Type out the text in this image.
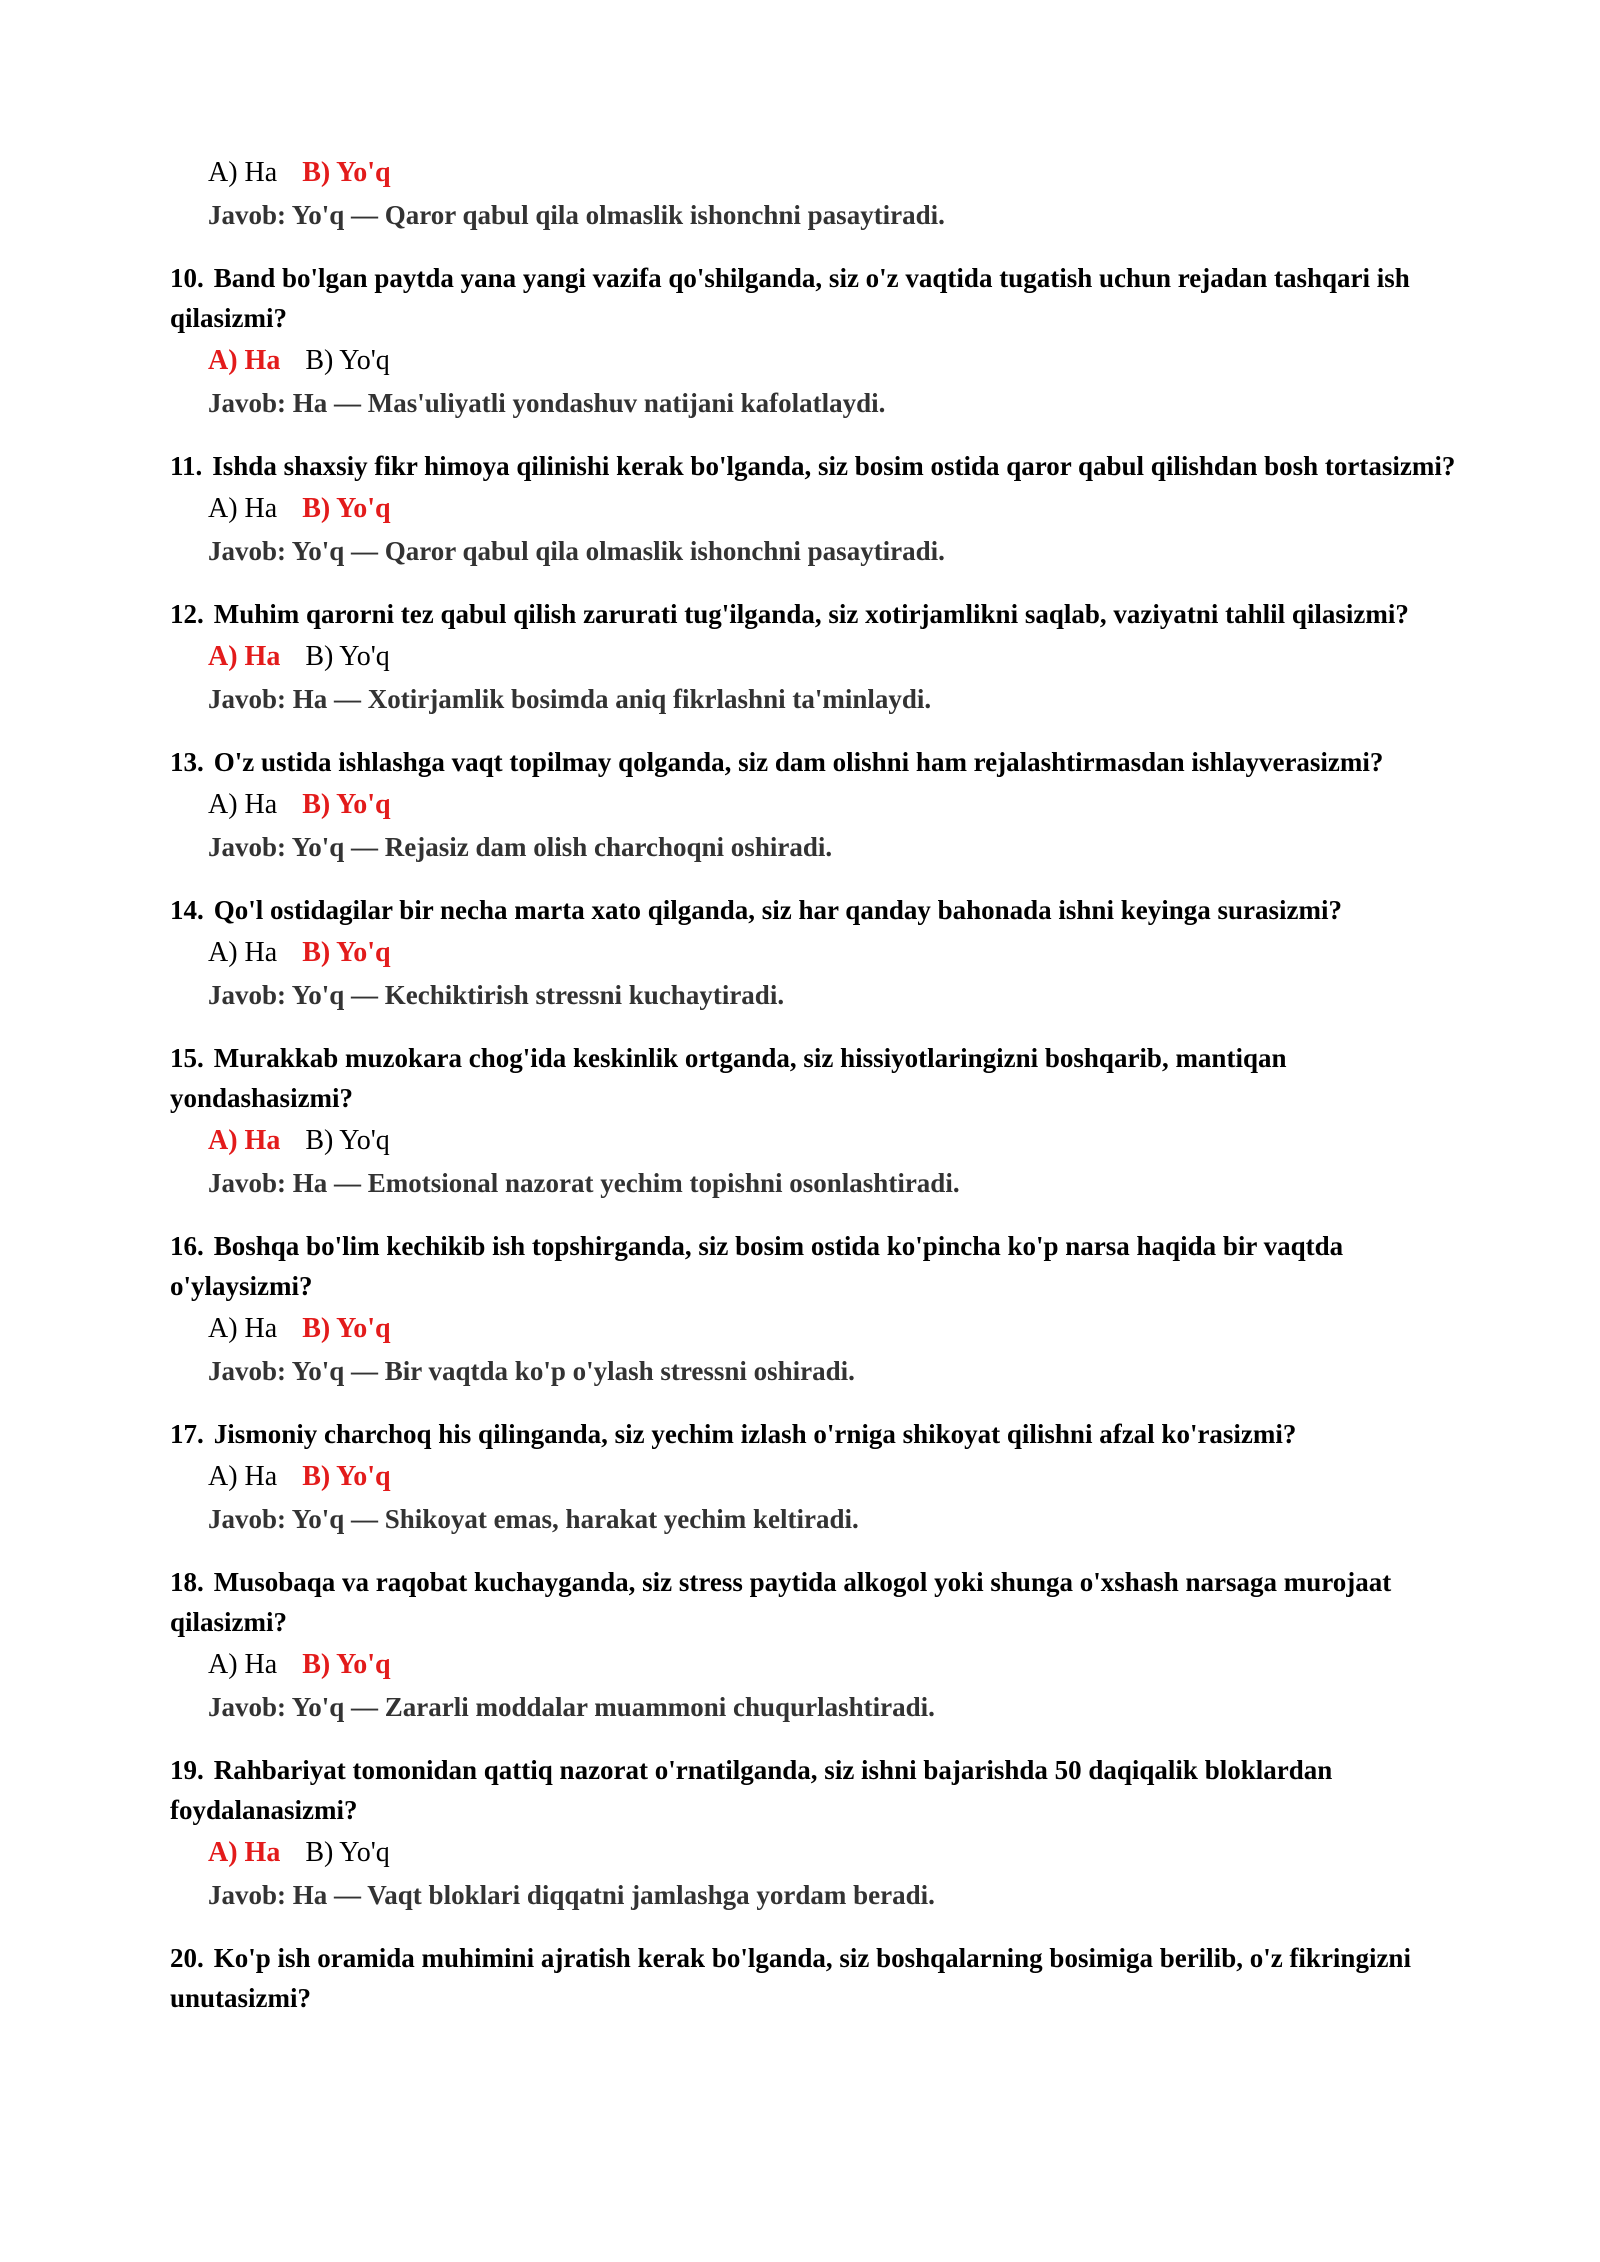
A) Ha B) Yo'q
Javob: Yo'q — Qaror qabul qila olmaslik ishonchni pasaytiradi.

10. Band bo'lgan paytda yana yangi vazifa qo'shilganda, siz o'z vaqtida tugatish uchun rejadan tashqari ish qilasizmi?

A) Ha B) Yo'q
Javob: Ha — Mas'uliyatli yondashuv natijani kafolatlaydi.

11. Ishda shaxsiy fikr himoya qilinishi kerak bo'lganda, siz bosim ostida qaror qabul qilishdan bosh tortasizmi?

A) Ha B) Yo'q
Javob: Yo'q — Qaror qabul qila olmaslik ishonchni pasaytiradi.

12. Muhim qarorni tez qabul qilish zarurati tug'ilganda, siz xotirjamlikni saqlab, vaziyatni tahlil qilasizmi?

A) Ha B) Yo'q
Javob: Ha — Xotirjamlik bosimda aniq fikrlashni ta'minlaydi.

13. O'z ustida ishlashga vaqt topilmay qolganda, siz dam olishni ham rejalashtirmasdan ishlayverasizmi?

A) Ha B) Yo'q
Javob: Yo'q — Rejasiz dam olish charchoqni oshiradi.

14. Qo'l ostidagilar bir necha marta xato qilganda, siz har qanday bahonada ishni keyinga surasizmi?

A) Ha B) Yo'q
Javob: Yo'q — Kechiktirish stressni kuchaytiradi.

15. Murakkab muzokara chog'ida keskinlik ortganda, siz hissiyotlaringizni boshqarib, mantiqan yondashasizmi?

A) Ha B) Yo'q
Javob: Ha — Emotsional nazorat yechim topishni osonlashtiradi.

16. Boshqa bo'lim kechikib ish topshirganda, siz bosim ostida ko'pincha ko'p narsa haqida bir vaqtda o'ylaysizmi?

A) Ha B) Yo'q
Javob: Yo'q — Bir vaqtda ko'p o'ylash stressni oshiradi.

17. Jismoniy charchoq his qilinganda, siz yechim izlash o'rniga shikoyat qilishni afzal ko'rasizmi?

A) Ha B) Yo'q
Javob: Yo'q — Shikoyat emas, harakat yechim keltiradi.

18. Musobaqa va raqobat kuchayganda, siz stress paytida alkogol yoki shunga o'xshash narsaga murojaat qilasizmi?

A) Ha B) Yo'q
Javob: Yo'q — Zararli moddalar muammoni chuqurlashtiradi.

19. Rahbariyat tomonidan qattiq nazorat o'rnatilganda, siz ishni bajarishda 50 daqiqalik bloklardan foydalanasizmi?

A) Ha B) Yo'q
Javob: Ha — Vaqt bloklari diqqatni jamlashga yordam beradi.

20. Ko'p ish oramida muhimini ajratish kerak bo'lganda, siz boshqalarning bosimiga berilib, o'z fikringizni unutasizmi?
